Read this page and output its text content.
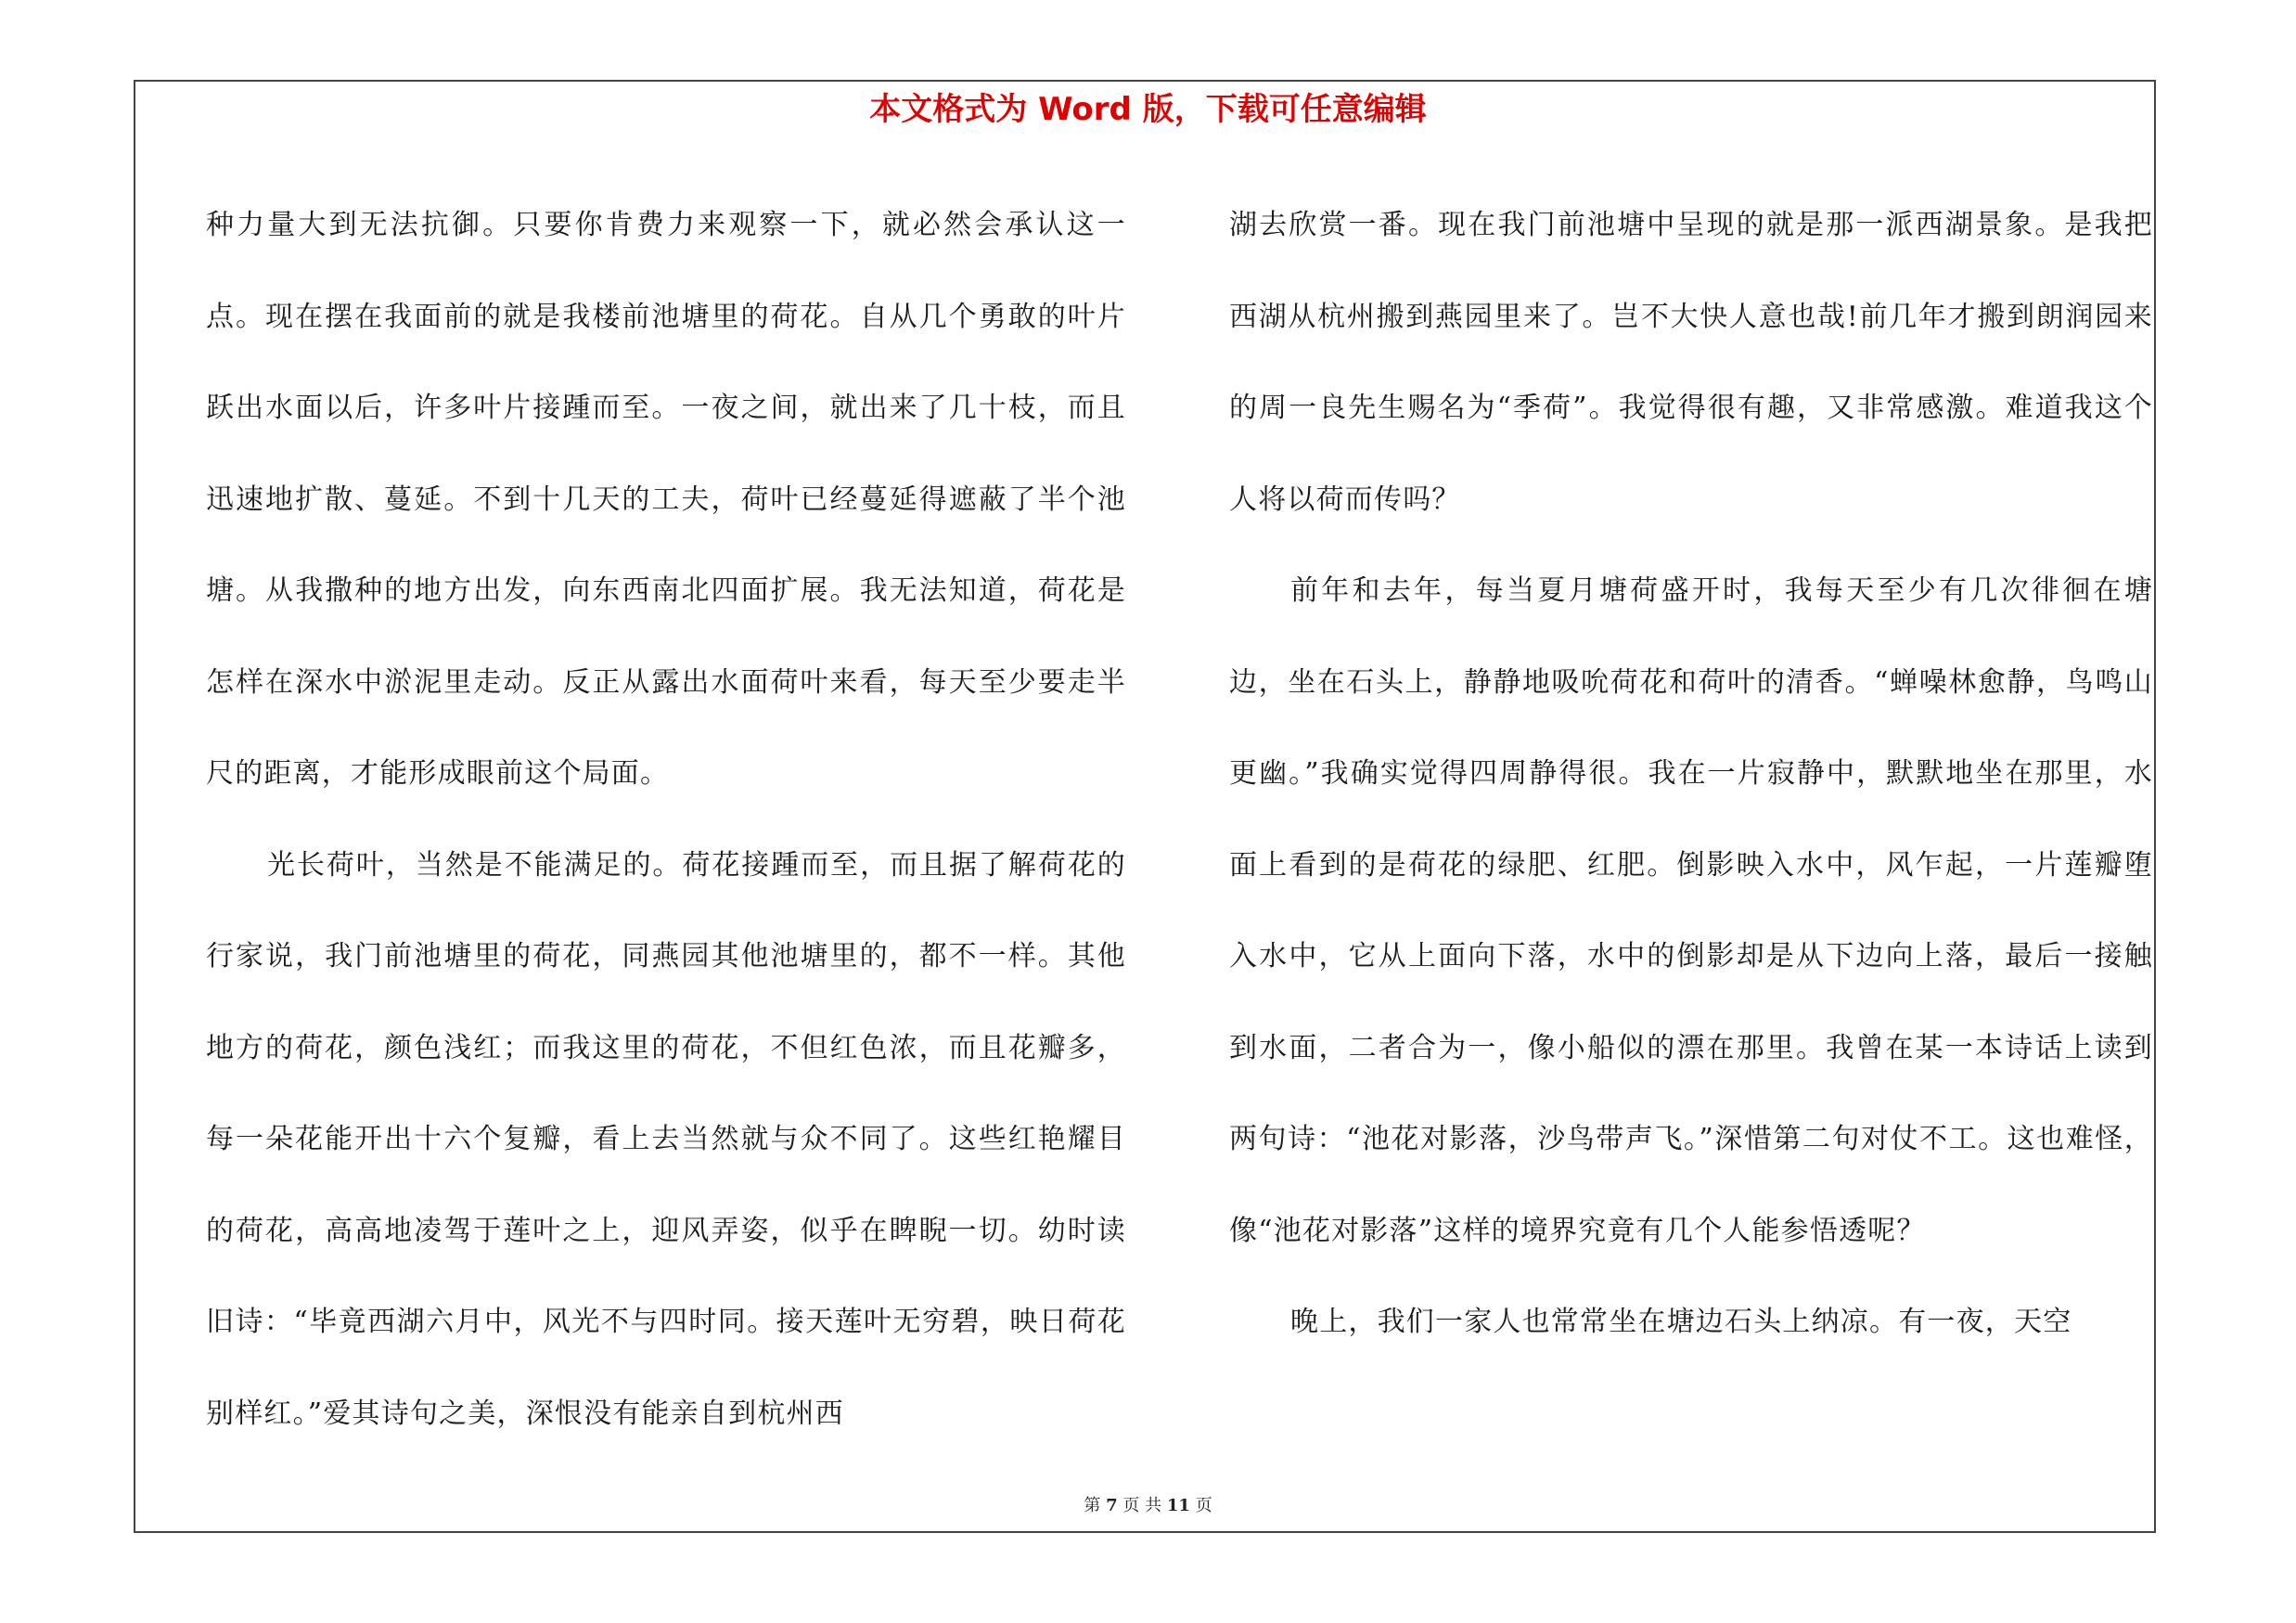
本文格式为 Word 版，下载可任意编辑

种力量大到无法抗御。只要你肯费力来观察一下，就必然会承认这一点。现在摆在我面前的就是我楼前池塘里的荷花。自从几个勇敢的叶片跃出水面以后，许多叶片接踵而至。一夜之间，就出来了几十枝，而且迅速地扩散、蔓延。不到十几天的工夫，荷叶已经蔓延得遮蔽了半个池塘。从我撒种的地方出发，向东西南北四面扩展。我无法知道，荷花是怎样在深水中淤泥里走动。反正从露出水面荷叶来看，每天至少要走半尺的距离，才能形成眼前这个局面。

光长荷叶，当然是不能满足的。荷花接踵而至，而且据了解荷花的行家说，我门前池塘里的荷花，同燕园其他池塘里的，都不一样。其他地方的荷花，颜色浅红；而我这里的荷花，不但红色浓，而且花瓣多，每一朵花能开出十六个复瓣，看上去当然就与众不同了。这些红艳耀目的荷花，高高地凌驾于莲叶之上，迎风弄姿，似乎在睥睨一切。幼时读旧诗：“毕竟西湖六月中，风光不与四时同。接天莲叶无穷碧，映日荷花别样红。”爱其诗句之美，深恨没有能亲自到杭州西

湖去欣赏一番。现在我门前池塘中呈现的就是那一派西湖景象。是我把西湖从杭州搬到燕园里来了。岂不大快人意也哉!前几年才搬到朗润园来的周一良先生赐名为“季荷”。我觉得很有趣，又非常感激。难道我这个人将以荷而传吗？

前年和去年，每当夏月塘荷盛开时，我每天至少有几次徘徊在塘边，坐在石头上，静静地吸吮荷花和荷叶的清香。“蝉噪林愈静，鸟鸣山更幽。”我确实觉得四周静得很。我在一片寂静中，默默地坐在那里，水面上看到的是荷花的绿肥、红肥。倒影映入水中，风乍起，一片莲瓣堕入水中，它从上面向下落，水中的倒影却是从下边向上落，最后一接触到水面，二者合为一，像小船似的漂在那里。我曾在某一本诗话上读到两句诗：“池花对影落，沙鸟带声飞。”深惜第二句对仗不工。这也难怪，像“池花对影落”这样的境界究竟有几个人能参悟透呢？

晚上，我们一家人也常常坐在塘边石头上纳凉。有一夜，天空

第 7 页 共 11 页
